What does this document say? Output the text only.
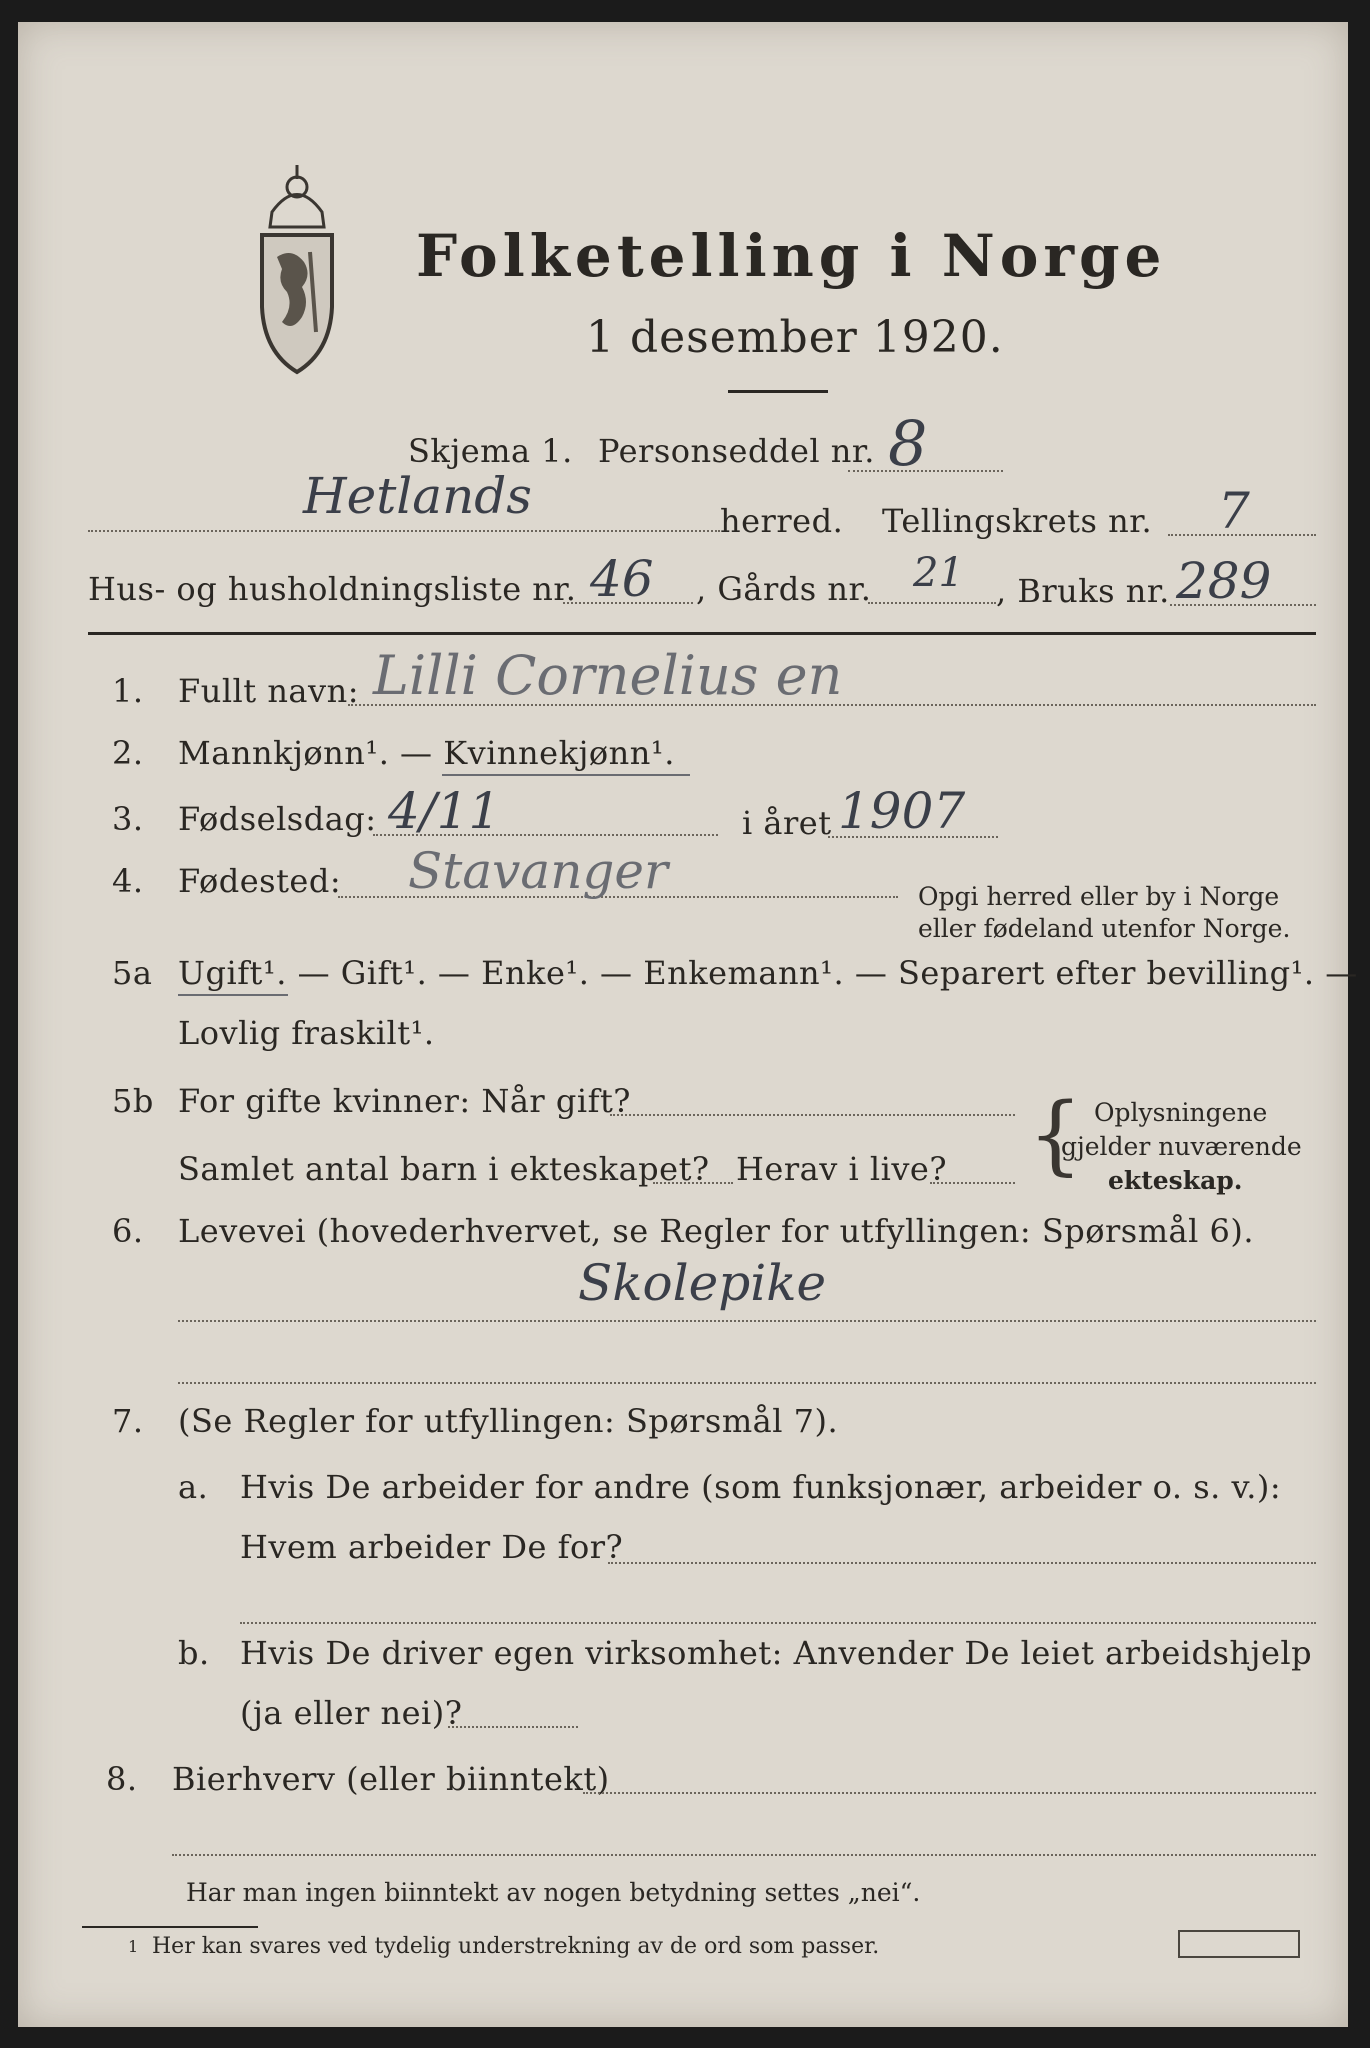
Folketelling i Norge
1 desember 1920.
Skjema 1. Personseddel nr. 8
Hetlands	herred. Tellingskrets nr. 7
Hus- og husholdningsliste nr. 46 , Gårds nr. 21 , Bruks nr. 289
1. Fullt navn: Lilli Cornelius en
2. Mannkjønn¹. — Kvinnekjønn¹.
3. Fødselsdag: 4/11	i året 1907
4. Fødested: Stavanger	Opgi herred eller by i Norge
eller fødeland utenfor Norge.
5a Ugift¹. — Gift¹. — Enke¹. — Enkemann¹. — Separert efter bevilling¹. —
Lovlig fraskilt¹.
5b For gifte kvinner: Når gift?
Samlet antal barn i ekteskapet? Herav i live? { Oplysningene
gjelder nuværende
ekteskap.
6. Levevei (hovederhvervet, se Regler for utfyllingen: Spørsmål 6).
Skolepike
7. (Se Regler for utfyllingen: Spørsmål 7).
a. Hvis De arbeider for andre (som funksjonær, arbeider o. s. v.):
Hvem arbeider De for?
b. Hvis De driver egen virksomhet: Anvender De leiet arbeidshjelp
(ja eller nei)?
8. Bierhverv (eller biinntekt)
Har man ingen biinntekt av nogen betydning settes „nei“.
1 Her kan svares ved tydelig understrekning av de ord som passer.
